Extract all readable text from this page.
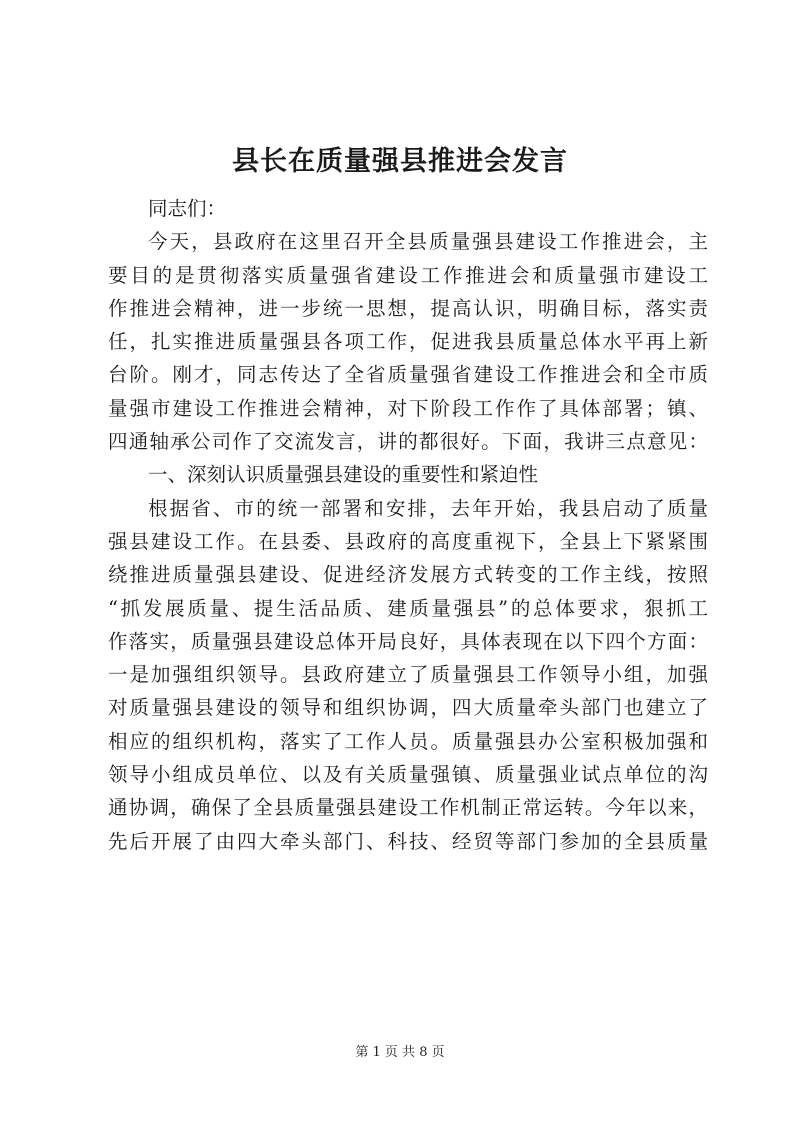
县长在质量强县推进会发言
同志们：
今天，县政府在这里召开全县质量强县建设工作推进会，主
要目的是贯彻落实质量强省建设工作推进会和质量强市建设工
作推进会精神，进一步统一思想，提高认识，明确目标，落实责
任，扎实推进质量强县各项工作，促进我县质量总体水平再上新
台阶。刚才，同志传达了全省质量强省建设工作推进会和全市质
量强市建设工作推进会精神，对下阶段工作作了具体部署；镇、
四通轴承公司作了交流发言，讲的都很好。下面，我讲三点意见：
一、深刻认识质量强县建设的重要性和紧迫性
根据省、市的统一部署和安排，去年开始，我县启动了质量
强县建设工作。在县委、县政府的高度重视下，全县上下紧紧围
绕推进质量强县建设、促进经济发展方式转变的工作主线，按照
“抓发展质量、提生活品质、建质量强县”的总体要求，狠抓工
作落实，质量强县建设总体开局良好，具体表现在以下四个方面：
一是加强组织领导。县政府建立了质量强县工作领导小组，加强
对质量强县建设的领导和组织协调，四大质量牵头部门也建立了
相应的组织机构，落实了工作人员。质量强县办公室积极加强和
领导小组成员单位、以及有关质量强镇、质量强业试点单位的沟
通协调，确保了全县质量强县建设工作机制正常运转。今年以来，
先后开展了由四大牵头部门、科技、经贸等部门参加的全县质量
第 1 页 共 8 页
